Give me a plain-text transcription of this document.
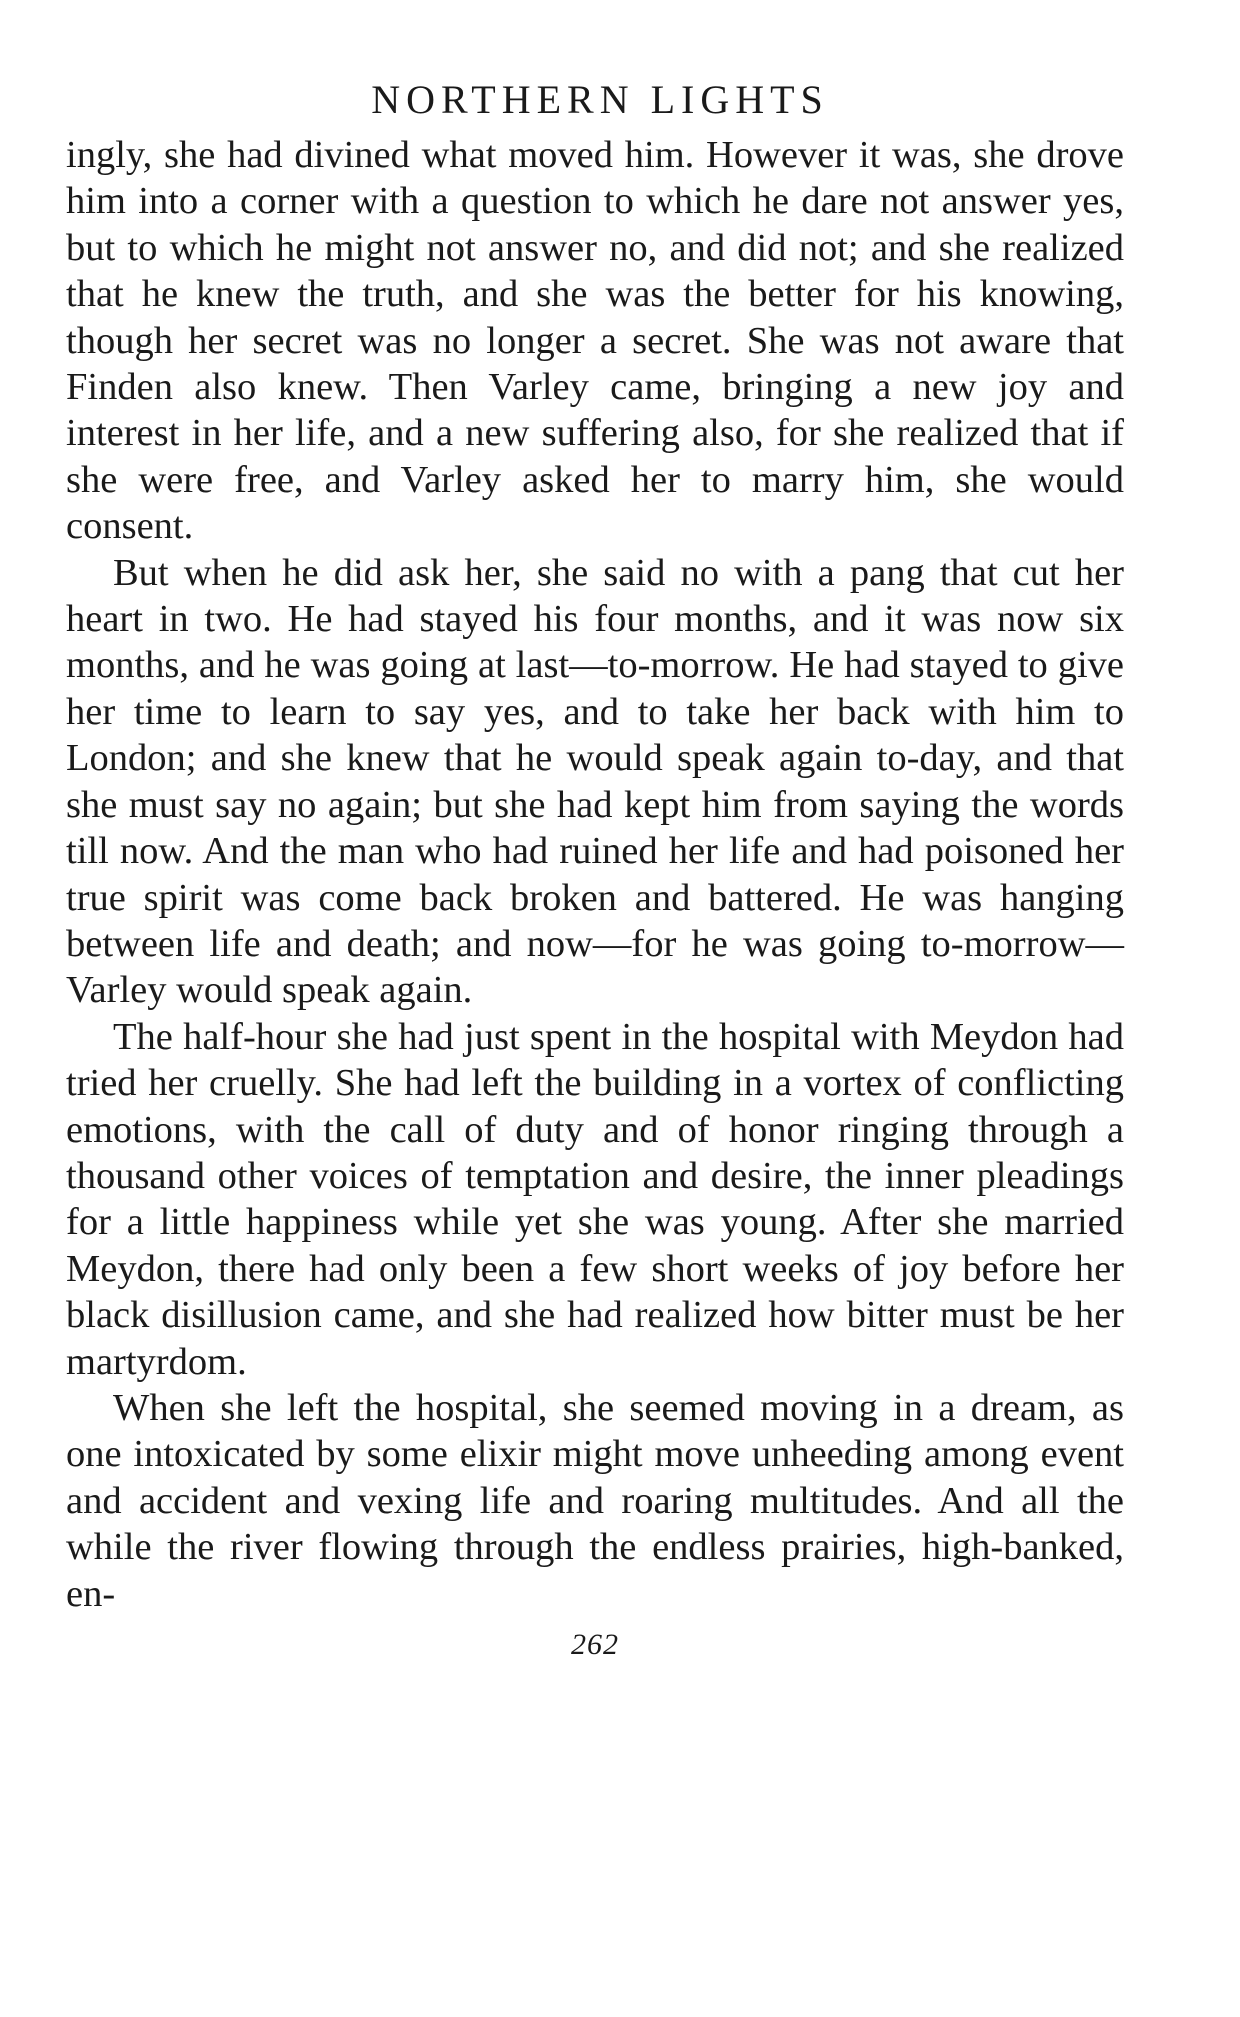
NORTHERN LIGHTS

ingly, she had divined what moved him. However it was, she drove him into a corner with a question to which he dare not answer yes, but to which he might not answer no, and did not; and she realized that he knew the truth, and she was the better for his knowing, though her secret was no longer a secret. She was not aware that Finden also knew. Then Varley came, bringing a new joy and interest in her life, and a new suffering also, for she realized that if she were free, and Varley asked her to marry him, she would consent.

But when he did ask her, she said no with a pang that cut her heart in two. He had stayed his four months, and it was now six months, and he was going at last—to-morrow. He had stayed to give her time to learn to say yes, and to take her back with him to London; and she knew that he would speak again to-day, and that she must say no again; but she had kept him from saying the words till now. And the man who had ruined her life and had poisoned her true spirit was come back broken and battered. He was hanging between life and death; and now—for he was going to-morrow—Varley would speak again.

The half-hour she had just spent in the hospital with Meydon had tried her cruelly. She had left the building in a vortex of conflicting emotions, with the call of duty and of honor ringing through a thousand other voices of temptation and desire, the inner pleadings for a little happiness while yet she was young. After she married Meydon, there had only been a few short weeks of joy before her black disillusion came, and she had realized how bitter must be her martyrdom.

When she left the hospital, she seemed moving in a dream, as one intoxicated by some elixir might move unheeding among event and accident and vexing life and roaring multitudes. And all the while the river flowing through the endless prairies, high-banked, en-

262
